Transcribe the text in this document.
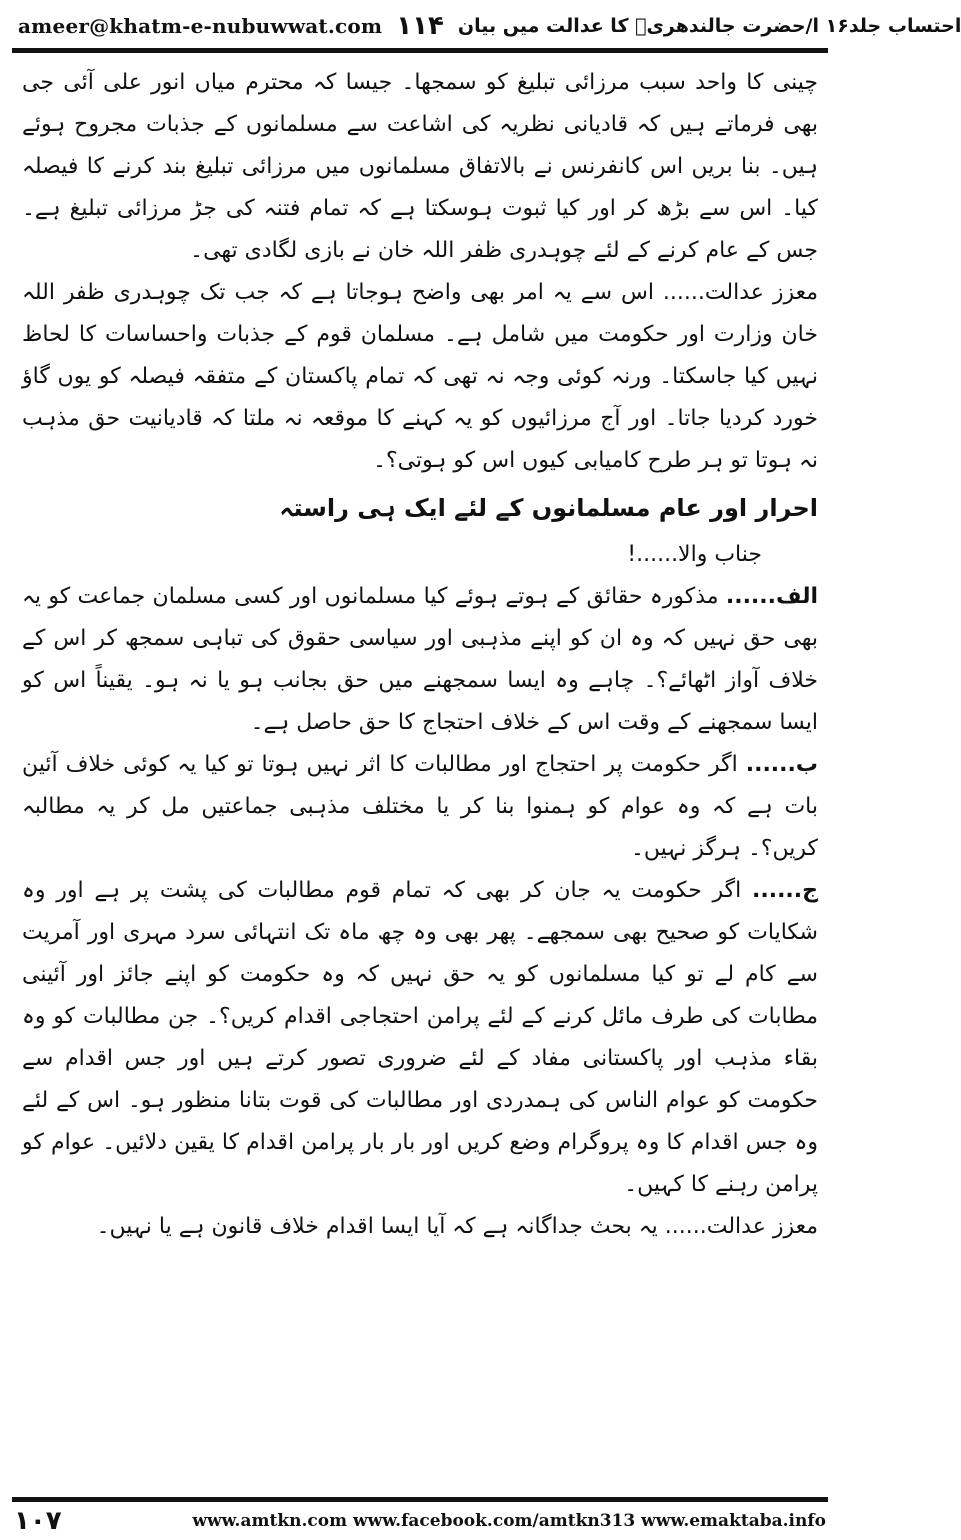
ameer@khatm-e-nubuwwat.com ۱۱۴ احتساب جلد۱۶ ا/حضرت جالندھریؒ کا عدالت میں بیان

چینی کا واحد سبب مرزائی تبلیغ کو سمجھا۔ جیسا کہ محترم میاں انور علی آئی جی بھی فرماتے ہیں کہ قادیانی نظریہ کی اشاعت سے مسلمانوں کے جذبات مجروح ہوئے ہیں۔ بنا بریں اس کانفرنس نے بالاتفاق مسلمانوں میں مرزائی تبلیغ بند کرنے کا فیصلہ کیا۔ اس سے بڑھ کر اور کیا ثبوت ہوسکتا ہے کہ تمام فتنہ کی جڑ مرزائی تبلیغ ہے۔ جس کے عام کرنے کے لئے چوہدری ظفر اللہ خان نے بازی لگادی تھی۔

معزز عدالت...... اس سے یہ امر بھی واضح ہوجاتا ہے کہ جب تک چوہدری ظفر اللہ خان وزارت اور حکومت میں شامل ہے۔ مسلمان قوم کے جذبات واحساسات کا لحاظ نہیں کیا جاسکتا۔ ورنہ کوئی وجہ نہ تھی کہ تمام پاکستان کے متفقہ فیصلہ کو یوں گاؤ خورد کردیا جاتا۔ اور آج مرزائیوں کو یہ کہنے کا موقعہ نہ ملتا کہ قادیانیت حق مذہب نہ ہوتا تو ہر طرح کامیابی کیوں اس کو ہوتی؟۔

احرار اور عام مسلمانوں کے لئے ایک ہی راستہ

جناب والا......!

الف...... مذکورہ حقائق کے ہوتے ہوئے کیا مسلمانوں اور کسی مسلمان جماعت کو یہ بھی حق نہیں کہ وہ ان کو اپنے مذہبی اور سیاسی حقوق کی تباہی سمجھ کر اس کے خلاف آواز اٹھائے؟۔ چاہے وہ ایسا سمجھنے میں حق بجانب ہو یا نہ ہو۔ یقیناً اس کو ایسا سمجھنے کے وقت اس کے خلاف احتجاج کا حق حاصل ہے۔

ب...... اگر حکومت پر احتجاج اور مطالبات کا اثر نہیں ہوتا تو کیا یہ کوئی خلاف آئین بات ہے کہ وہ عوام کو ہمنوا بنا کر یا مختلف مذہبی جماعتیں مل کر یہ مطالبہ کریں؟۔ ہرگز نہیں۔

ج...... اگر حکومت یہ جان کر بھی کہ تمام قوم مطالبات کی پشت پر ہے اور وہ شکایات کو صحیح بھی سمجھے۔ پھر بھی وہ چھ ماہ تک انتہائی سرد مہری اور آمریت سے کام لے تو کیا مسلمانوں کو یہ حق نہیں کہ وہ حکومت کو اپنے جائز اور آئینی مطابات کی طرف مائل کرنے کے لئے پرامن احتجاجی اقدام کریں؟۔ جن مطالبات کو وہ بقاء مذہب اور پاکستانی مفاد کے لئے ضروری تصور کرتے ہیں اور جس اقدام سے حکومت کو عوام الناس کی ہمدردی اور مطالبات کی قوت بتانا منظور ہو۔ اس کے لئے وہ جس اقدام کا وہ پروگرام وضع کریں اور بار بار پرامن اقدام کا یقین دلائیں۔ عوام کو پرامن رہنے کا کہیں۔

معزز عدالت...... یہ بحث جداگانہ ہے کہ آیا ایسا اقدام خلاف قانون ہے یا نہیں۔

۱۰۷	www.amtkn.com www.facebook.com/amtkn313 www.emaktaba.info
